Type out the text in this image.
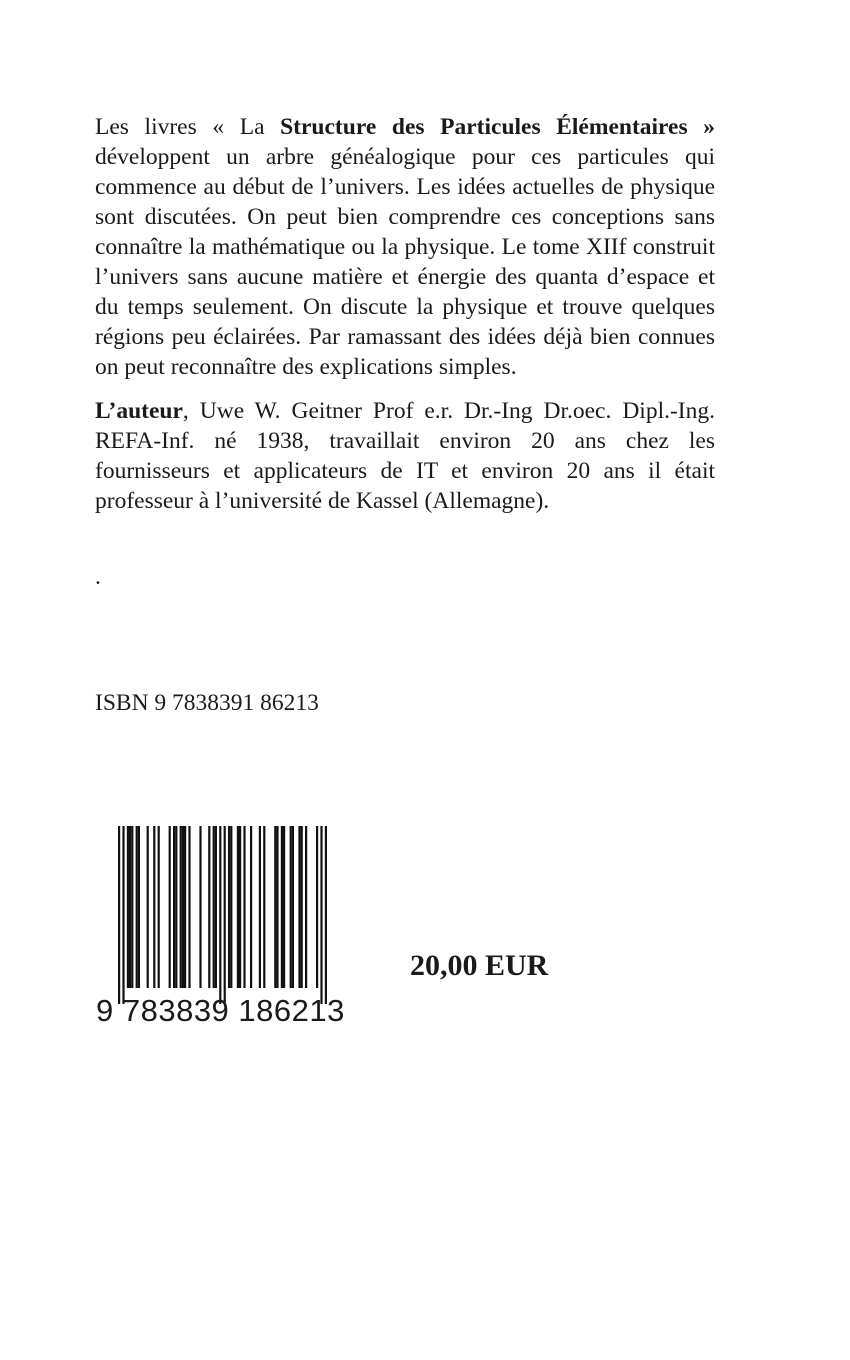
Les livres « La Structure des Particules Élémentaires » développent un arbre généalogique pour ces particules qui commence au début de l’univers. Les idées actuelles de physique sont discutées. On peut bien comprendre ces conceptions sans connaître la mathématique ou la physique. Le tome XIIf construit l’univers sans aucune matière et énergie des quanta d’espace et du temps seulement. On discute la physique et trouve quelques régions peu éclairées. Par ramassant des idées déjà bien connues on peut reconnaître des explications simples.

L’auteur, Uwe W. Geitner Prof e.r. Dr.-Ing Dr.oec. Dipl.-Ing. REFA-Inf. né 1938, travaillait environ 20 ans chez les fournisseurs et applicateurs de IT et environ 20 ans il était professeur à l’université de Kassel (Allemagne).

.
ISBN 9 7838391 86213
9 783839 186213
20,00 EUR
